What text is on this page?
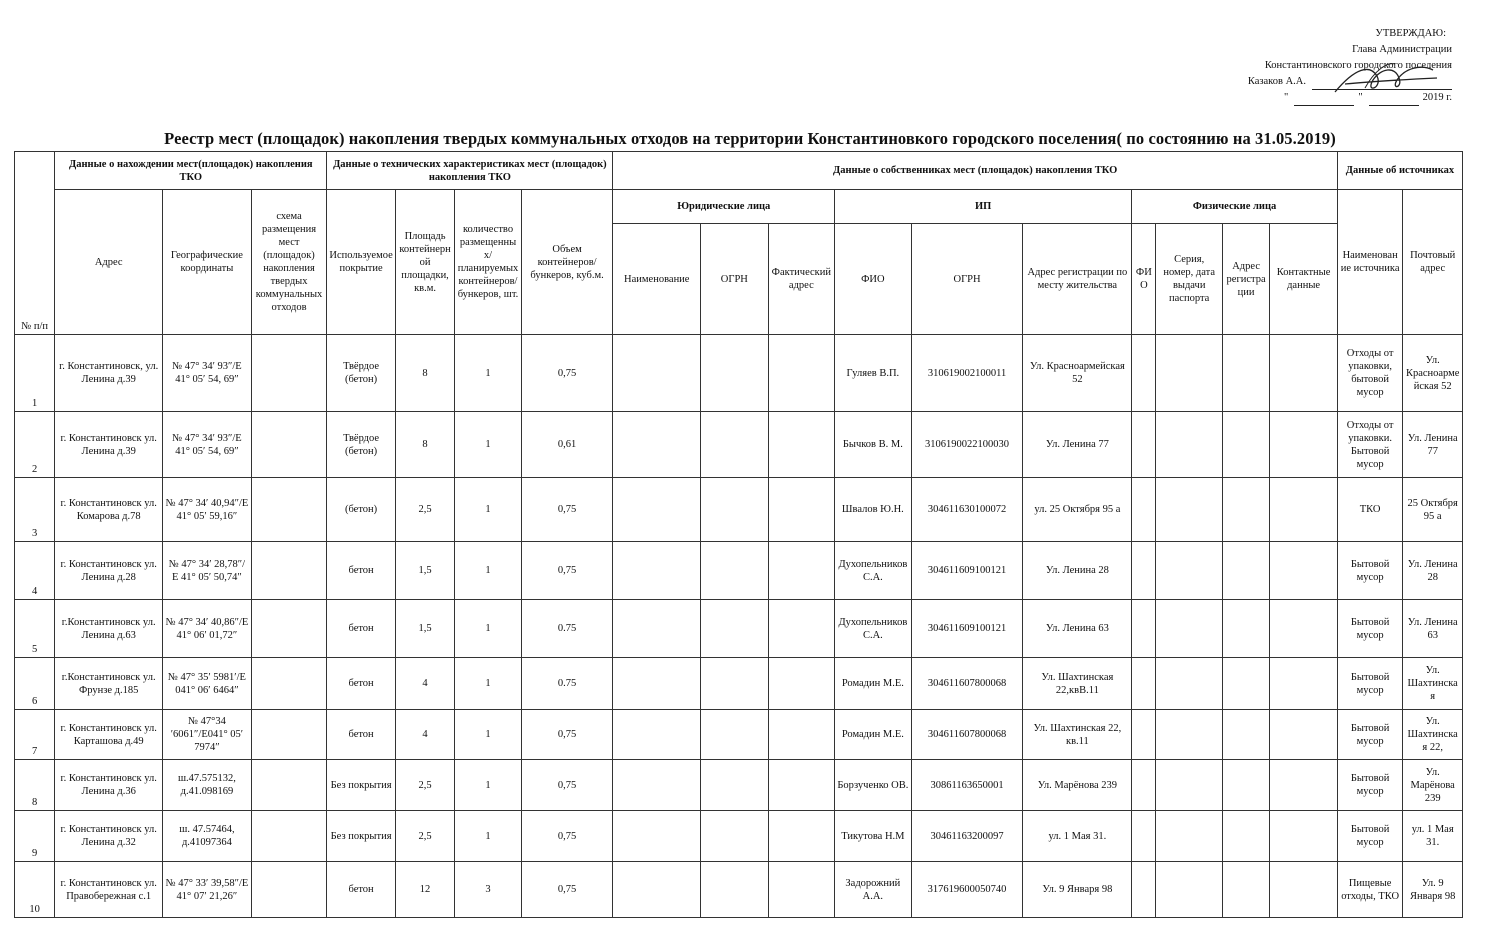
УТВЕРЖДАЮ:
Глава Администрации
Константиновского городского поселения
Казаков А.А.
"	"	2019 г.
Реестр мест (площадок) накопления твердых коммунальных отходов на территории Константиновкого городского поселения( по состоянию на 31.05.2019)
№ п/п	Данные о нахождении мест(площадок) накопления ТКО			Данные о технических характеристиках мест (площадок) накопления ТКО				Данные о собственниках мест (площадок) накопления ТКО										Данные об источниках	
	Адрес	Географические координаты	схема размещения мест (площадок) накопления твердых коммунальных отходов	Используемое покрытие	Площадь контейнерной площадки, кв.м.	количество размещенных/планируемых контейнеров/бункеров, шт.	Объем контейнеров/бункеров, куб.м.	Юридические лица			ИП			Физические лица				Наименование источника	Почтовый адрес
								Наименование	ОГРН	Фактический адрес	ФИО	ОГРН	Адрес регистрации по месту жительства	ФИО	Серия, номер, дата выдачи паспорта	Адрес регистрации	Контактные данные		
1	г. Константиновск, ул. Ленина д.39	№ 47° 34′ 93″/E 41° 05′ 54, 69″		Твёрдое (бетон)	8	1	0,75				Гуляев В.П.	310619002100011	Ул. Красноармейская 52					Отходы от упаковки, бытовой мусор	Ул. Красноармейская 52
2	г. Константиновск ул. Ленина д.39	№ 47° 34′ 93″/E 41° 05′ 54, 69″		Твёрдое (бетон)	8	1	0,61				Бычков В. М.	3106190022100030	Ул. Ленина 77					Отходы от упаковки. Бытовой мусор	Ул. Ленина 77
3	г. Константиновск ул. Комарова д.78	№ 47° 34′ 40,94″/E 41° 05′ 59,16″		(бетон)	2,5	1	0,75				Швалов Ю.Н.	304611630100072	ул. 25 Октября 95 а					ТКО	25 Октября 95 а
4	г. Константиновск ул. Ленина д.28	№ 47° 34′ 28,78″/ E 41° 05′ 50,74″		бетон	1,5	1	0,75				Духопельников С.А.	304611609100121	Ул. Ленина 28					Бытовой мусор	Ул. Ленина 28
5	г.Константиновск ул. Ленина д.63	№ 47° 34′ 40,86″/E 41° 06′ 01,72″		бетон	1,5	1	0.75				Духопельников С.А.	304611609100121	Ул. Ленина 63					Бытовой мусор	Ул. Ленина 63
6	г.Константиновск ул. Фрунзе д.185	№ 47° 35′ 5981′/E 041° 06′ 6464″		бетон	4	1	0.75				Ромадин М.Е.	304611607800068	Ул. Шахтинская 22,квВ.11					Бытовой мусор	Ул. Шахтинская
7	г. Константиновск ул. Карташова д.49	№ 47°34 ′6061″/E041° 05′ 7974″		бетон	4	1	0,75				Ромадин М.Е.	304611607800068	Ул. Шахтинская 22, кв.11					Бытовой мусор	Ул. Шахтинская 22,
8	г. Константиновск ул. Ленина д.36	ш.47.575132, д.41.098169		Без покрытия	2,5	1	0,75				Борзученко ОВ.	30861163650001	Ул. Марёнова 239					Бытовой мусор	Ул. Марёнова 239
9	г. Константиновск ул. Ленина д.32	ш. 47.57464, д.41097364		Без покрытия	2,5	1	0,75				Тикутова Н.М	30461163200097	ул. 1 Мая 31.					Бытовой мусор	ул. 1 Мая 31.
10	г. Константиновск ул. Правобережная с.1	№ 47° 33′ 39,58″/E 41° 07′ 21,26″		бетон	12	3	0,75				Задорожний А.А.	317619600050740	Ул. 9 Января 98					Пищевые отходы, ТКО	Ул. 9 Января 98
